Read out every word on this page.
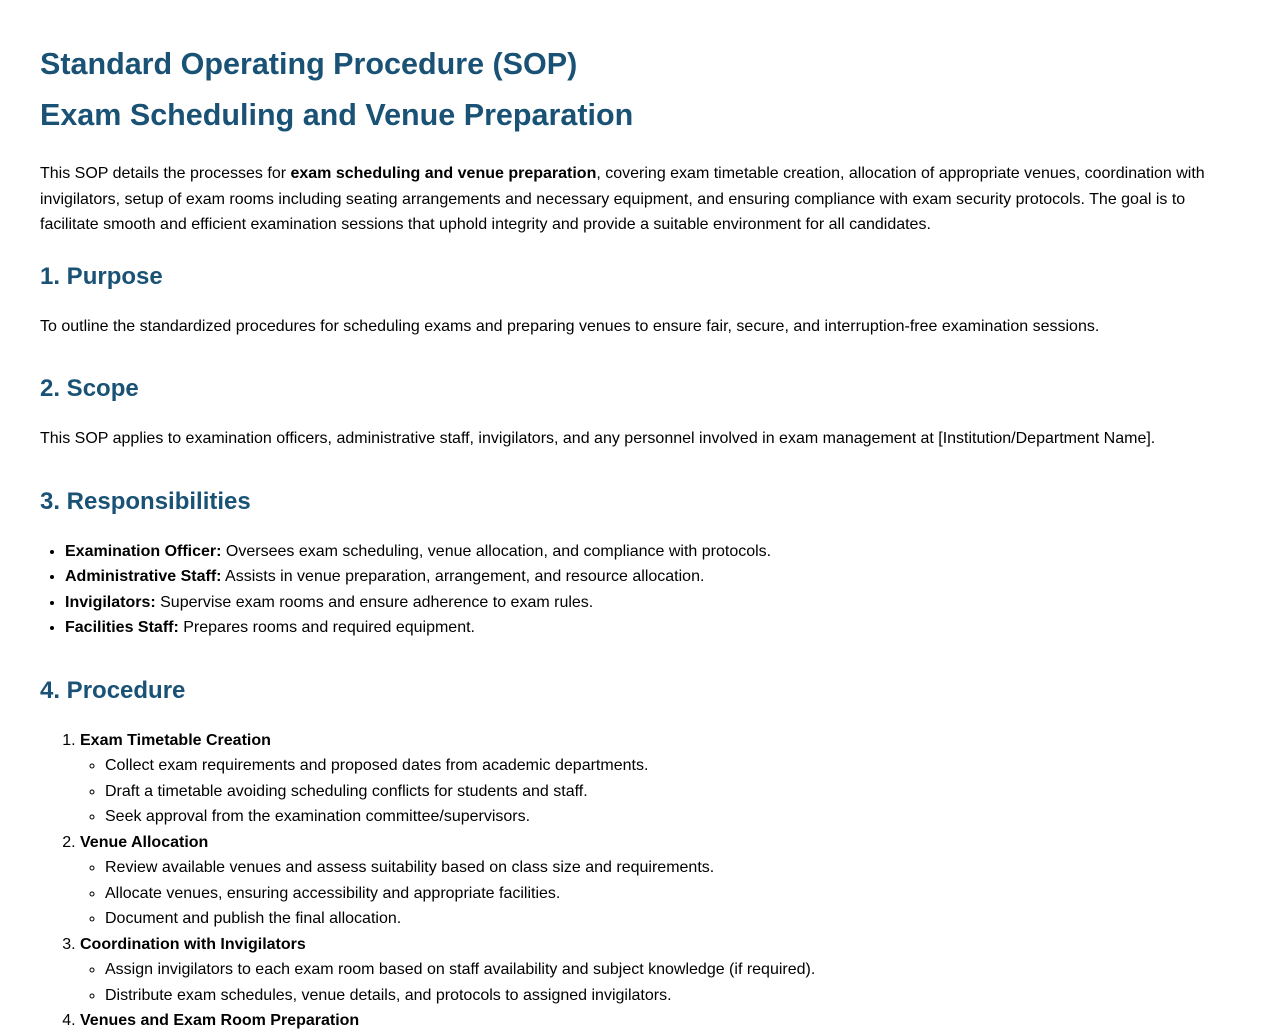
Standard Operating Procedure (SOP)
Exam Scheduling and Venue Preparation

This SOP details the processes for exam scheduling and venue preparation, covering exam timetable creation, allocation of appropriate venues, coordination with invigilators, setup of exam rooms including seating arrangements and necessary equipment, and ensuring compliance with exam security protocols. The goal is to facilitate smooth and efficient examination sessions that uphold integrity and provide a suitable environment for all candidates.

1. Purpose

To outline the standardized procedures for scheduling exams and preparing venues to ensure fair, secure, and interruption-free examination sessions.

2. Scope

This SOP applies to examination officers, administrative staff, invigilators, and any personnel involved in exam management at [Institution/Department Name].

3. Responsibilities
• Examination Officer: Oversees exam scheduling, venue allocation, and compliance with protocols.
• Administrative Staff: Assists in venue preparation, arrangement, and resource allocation.
• Invigilators: Supervise exam rooms and ensure adherence to exam rules.
• Facilities Staff: Prepares rooms and required equipment.
4. Procedure
1. Exam Timetable Creation
◦ Collect exam requirements and proposed dates from academic departments.
◦ Draft a timetable avoiding scheduling conflicts for students and staff.
◦ Seek approval from the examination committee/supervisors.
2. Venue Allocation
◦ Review available venues and assess suitability based on class size and requirements.
◦ Allocate venues, ensuring accessibility and appropriate facilities.
◦ Document and publish the final allocation.
3. Coordination with Invigilators
◦ Assign invigilators to each exam room based on staff availability and subject knowledge (if required).
◦ Distribute exam schedules, venue details, and protocols to assigned invigilators.
4. Venues and Exam Room Preparation
